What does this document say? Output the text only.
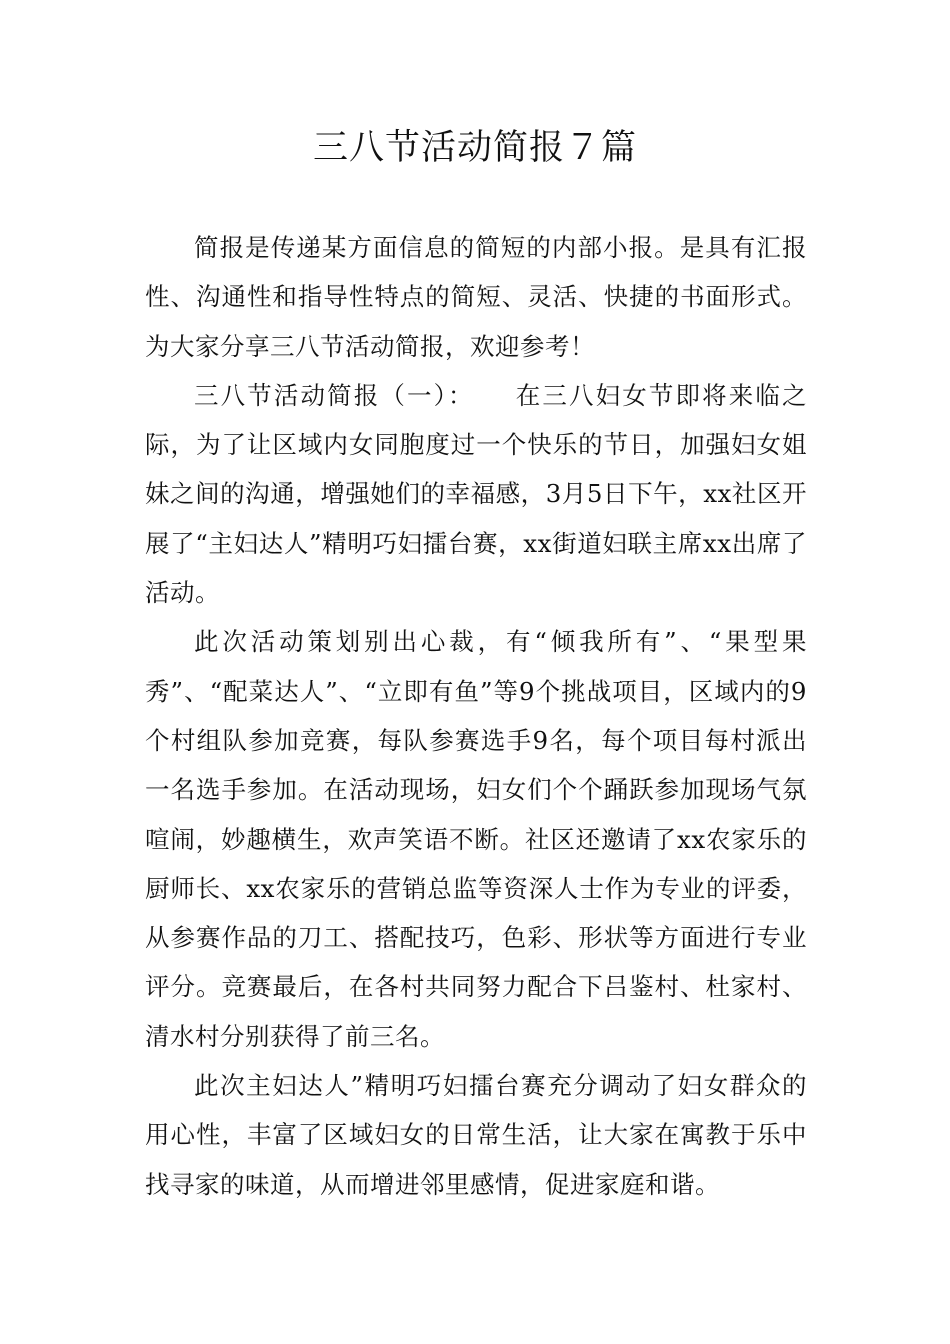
三八节活动简报７篇

简报是传递某方面信息的简短的内部小报。是具有汇报性、沟通性和指导性特点的简短、灵活、快捷的书面形式。为大家分享三八节活动简报，欢迎参考！

三八节活动简报（一）：　　在三八妇女节即将来临之际，为了让区域内女同胞度过一个快乐的节日，加强妇女姐妹之间的沟通，增强她们的幸福感，3月5日下午，xx社区开展了“主妇达人”精明巧妇擂台赛，xx街道妇联主席xx出席了活动。

此次活动策划别出心裁，有“倾我所有”、“果型果秀”、“配菜达人”、“立即有鱼”等9个挑战项目，区域内的9个村组队参加竞赛，每队参赛选手9名，每个项目每村派出一名选手参加。在活动现场，妇女们个个踊跃参加现场气氛喧闹，妙趣横生，欢声笑语不断。社区还邀请了xx农家乐的厨师长、xx农家乐的营销总监等资深人士作为专业的评委，从参赛作品的刀工、搭配技巧，色彩、形状等方面进行专业评分。竞赛最后，在各村共同努力配合下吕鉴村、杜家村、清水村分别获得了前三名。

此次主妇达人”精明巧妇擂台赛充分调动了妇女群众的用心性，丰富了区域妇女的日常生活，让大家在寓教于乐中找寻家的味道，从而增进邻里感情，促进家庭和谐。
